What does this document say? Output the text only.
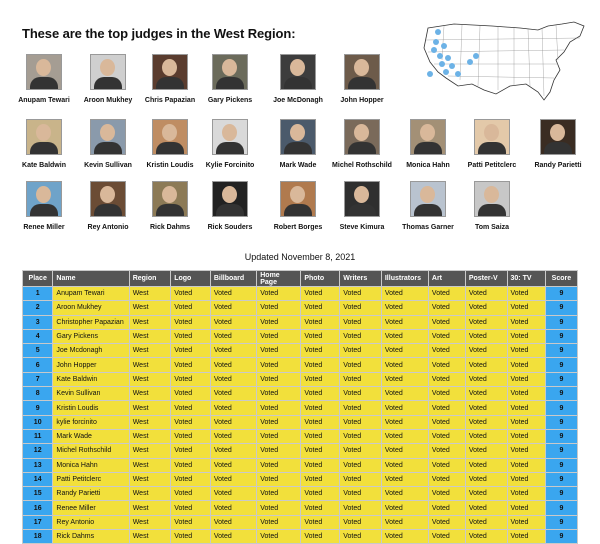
These are the top judges in the West Region:
Anupam Tewari	Aroon Mukhey	Chris Papazian	Gary Pickens	Joe McDonagh	John Hopper
Kate Baldwin	Kevin Sullivan	Kristin Loudis	Kylie Forcinito	Mark Wade	Michel Rothschild	Monica Hahn	Patti Petitclerc	Randy Parietti
Renee Miller	Rey Antonio	Rick Dahms	Rick Souders	Robert Borges	Steve Kimura	Thomas Garner	Tom Saiza
Updated November 8, 2021
Place	Name	Region	Logo	Billboard	Home Page	Photo	Writers	Illustrators	Art	Poster-V	30: TV	Score
1	Anupam Tewari	West	Voted	Voted	Voted	Voted	Voted	Voted	Voted	Voted	Voted	9
2	Aroon Mukhey	West	Voted	Voted	Voted	Voted	Voted	Voted	Voted	Voted	Voted	9
3	Christopher Papazian	West	Voted	Voted	Voted	Voted	Voted	Voted	Voted	Voted	Voted	9
4	Gary Pickens	West	Voted	Voted	Voted	Voted	Voted	Voted	Voted	Voted	Voted	9
5	Joe Mcdonagh	West	Voted	Voted	Voted	Voted	Voted	Voted	Voted	Voted	Voted	9
6	John Hopper	West	Voted	Voted	Voted	Voted	Voted	Voted	Voted	Voted	Voted	9
7	Kate Baldwin	West	Voted	Voted	Voted	Voted	Voted	Voted	Voted	Voted	Voted	9
8	Kevin Sullivan	West	Voted	Voted	Voted	Voted	Voted	Voted	Voted	Voted	Voted	9
9	Kristin Loudis	West	Voted	Voted	Voted	Voted	Voted	Voted	Voted	Voted	Voted	9
10	kylie forcinito	West	Voted	Voted	Voted	Voted	Voted	Voted	Voted	Voted	Voted	9
11	Mark Wade	West	Voted	Voted	Voted	Voted	Voted	Voted	Voted	Voted	Voted	9
12	Michel Rothschild	West	Voted	Voted	Voted	Voted	Voted	Voted	Voted	Voted	Voted	9
13	Monica Hahn	West	Voted	Voted	Voted	Voted	Voted	Voted	Voted	Voted	Voted	9
14	Patti Petitclerc	West	Voted	Voted	Voted	Voted	Voted	Voted	Voted	Voted	Voted	9
15	Randy Parietti	West	Voted	Voted	Voted	Voted	Voted	Voted	Voted	Voted	Voted	9
16	Renee Miller	West	Voted	Voted	Voted	Voted	Voted	Voted	Voted	Voted	Voted	9
17	Rey Antonio	West	Voted	Voted	Voted	Voted	Voted	Voted	Voted	Voted	Voted	9
18	Rick Dahms	West	Voted	Voted	Voted	Voted	Voted	Voted	Voted	Voted	Voted	9
